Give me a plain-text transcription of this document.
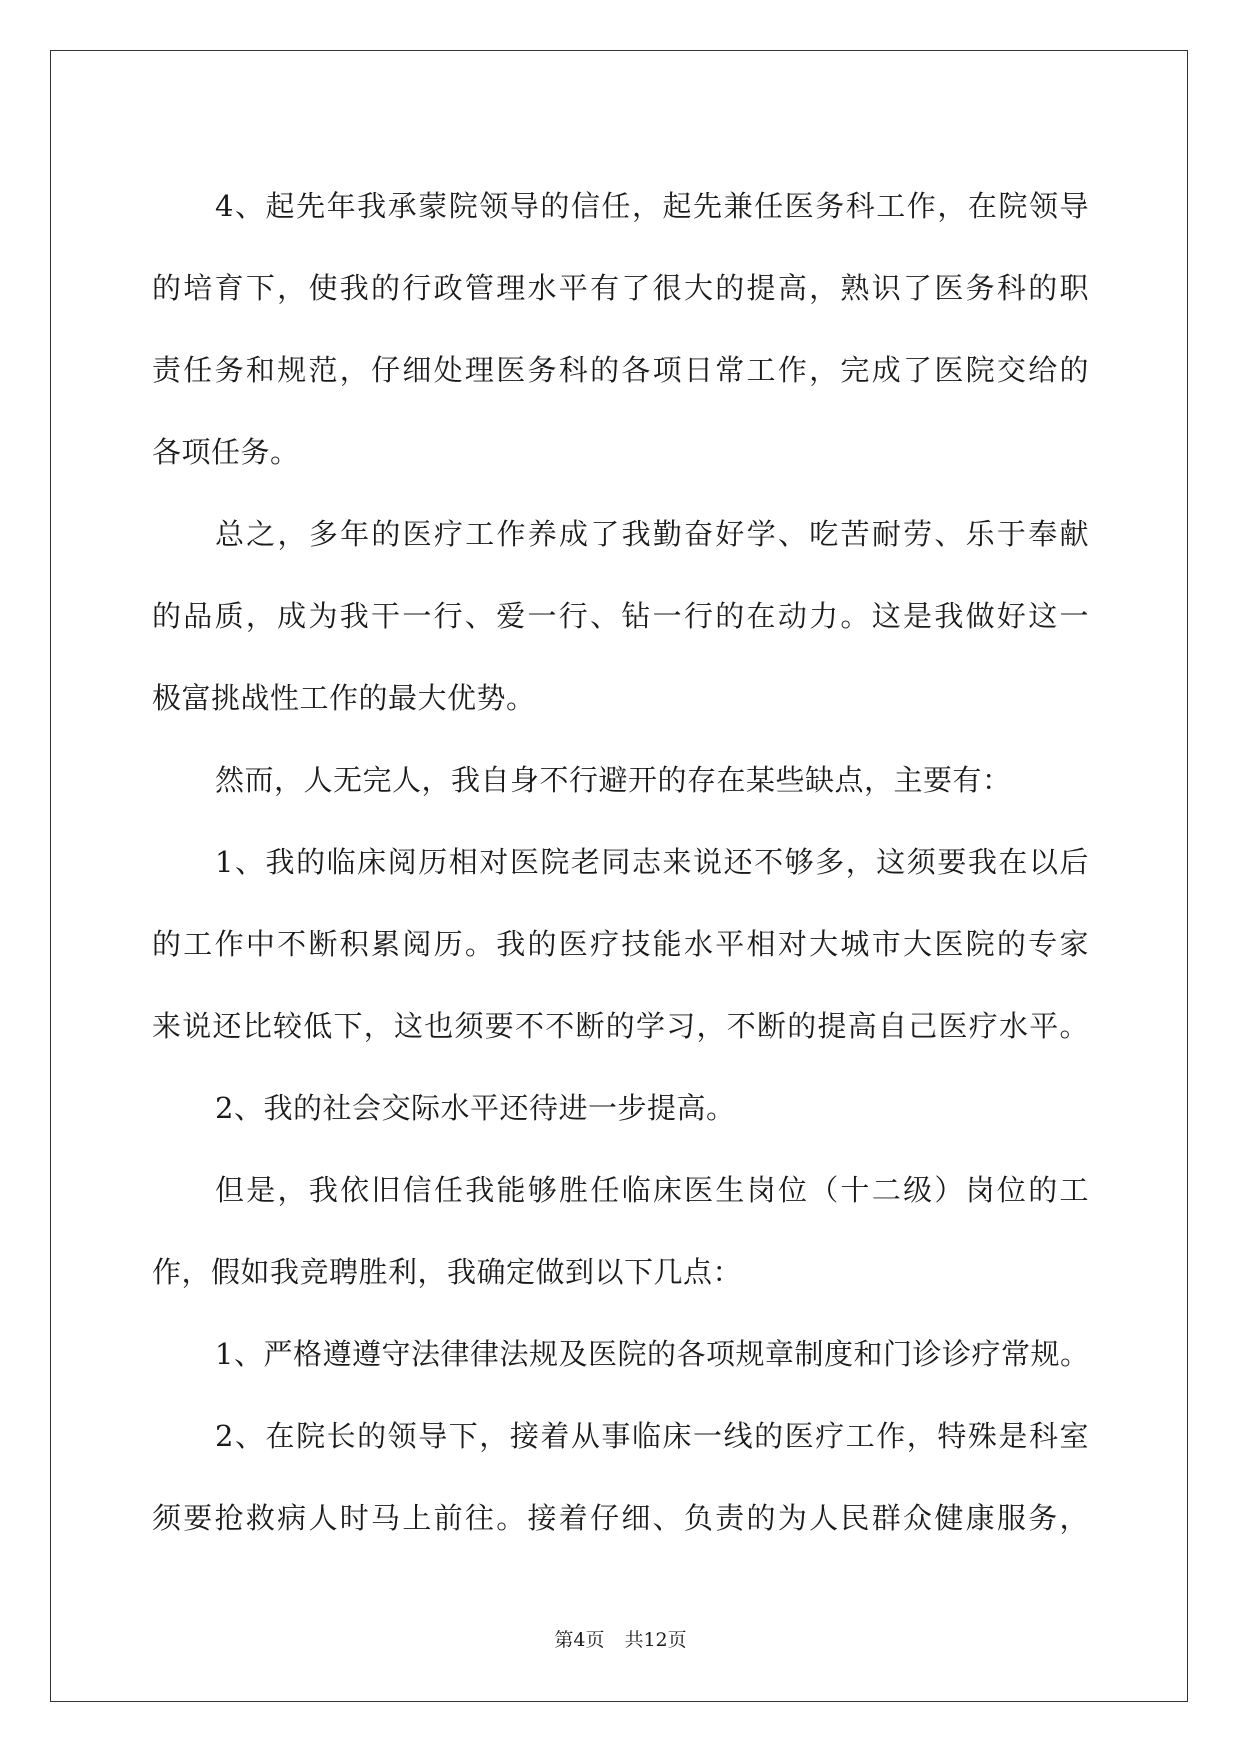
4、起先年我承蒙院领导的信任，起先兼任医务科工作，在院领导
的培育下，使我的行政管理水平有了很大的提高，熟识了医务科的职
责任务和规范，仔细处理医务科的各项日常工作，完成了医院交给的
各项任务。
总之，多年的医疗工作养成了我勤奋好学、吃苦耐劳、乐于奉献
的品质，成为我干一行、爱一行、钻一行的在动力。这是我做好这一
极富挑战性工作的最大优势。
然而，人无完人，我自身不行避开的存在某些缺点，主要有：
1、我的临床阅历相对医院老同志来说还不够多，这须要我在以后
的工作中不断积累阅历。我的医疗技能水平相对大城市大医院的专家
来说还比较低下，这也须要不不断的学习，不断的提高自己医疗水平。
2、我的社会交际水平还待进一步提高。
但是，我依旧信任我能够胜任临床医生岗位（十二级）岗位的工
作，假如我竞聘胜利，我确定做到以下几点：
1、严格遵遵守法律律法规及医院的各项规章制度和门诊诊疗常规。
2、在院长的领导下，接着从事临床一线的医疗工作，特殊是科室
须要抢救病人时马上前往。接着仔细、负责的为人民群众健康服务，
第4页 共12页
